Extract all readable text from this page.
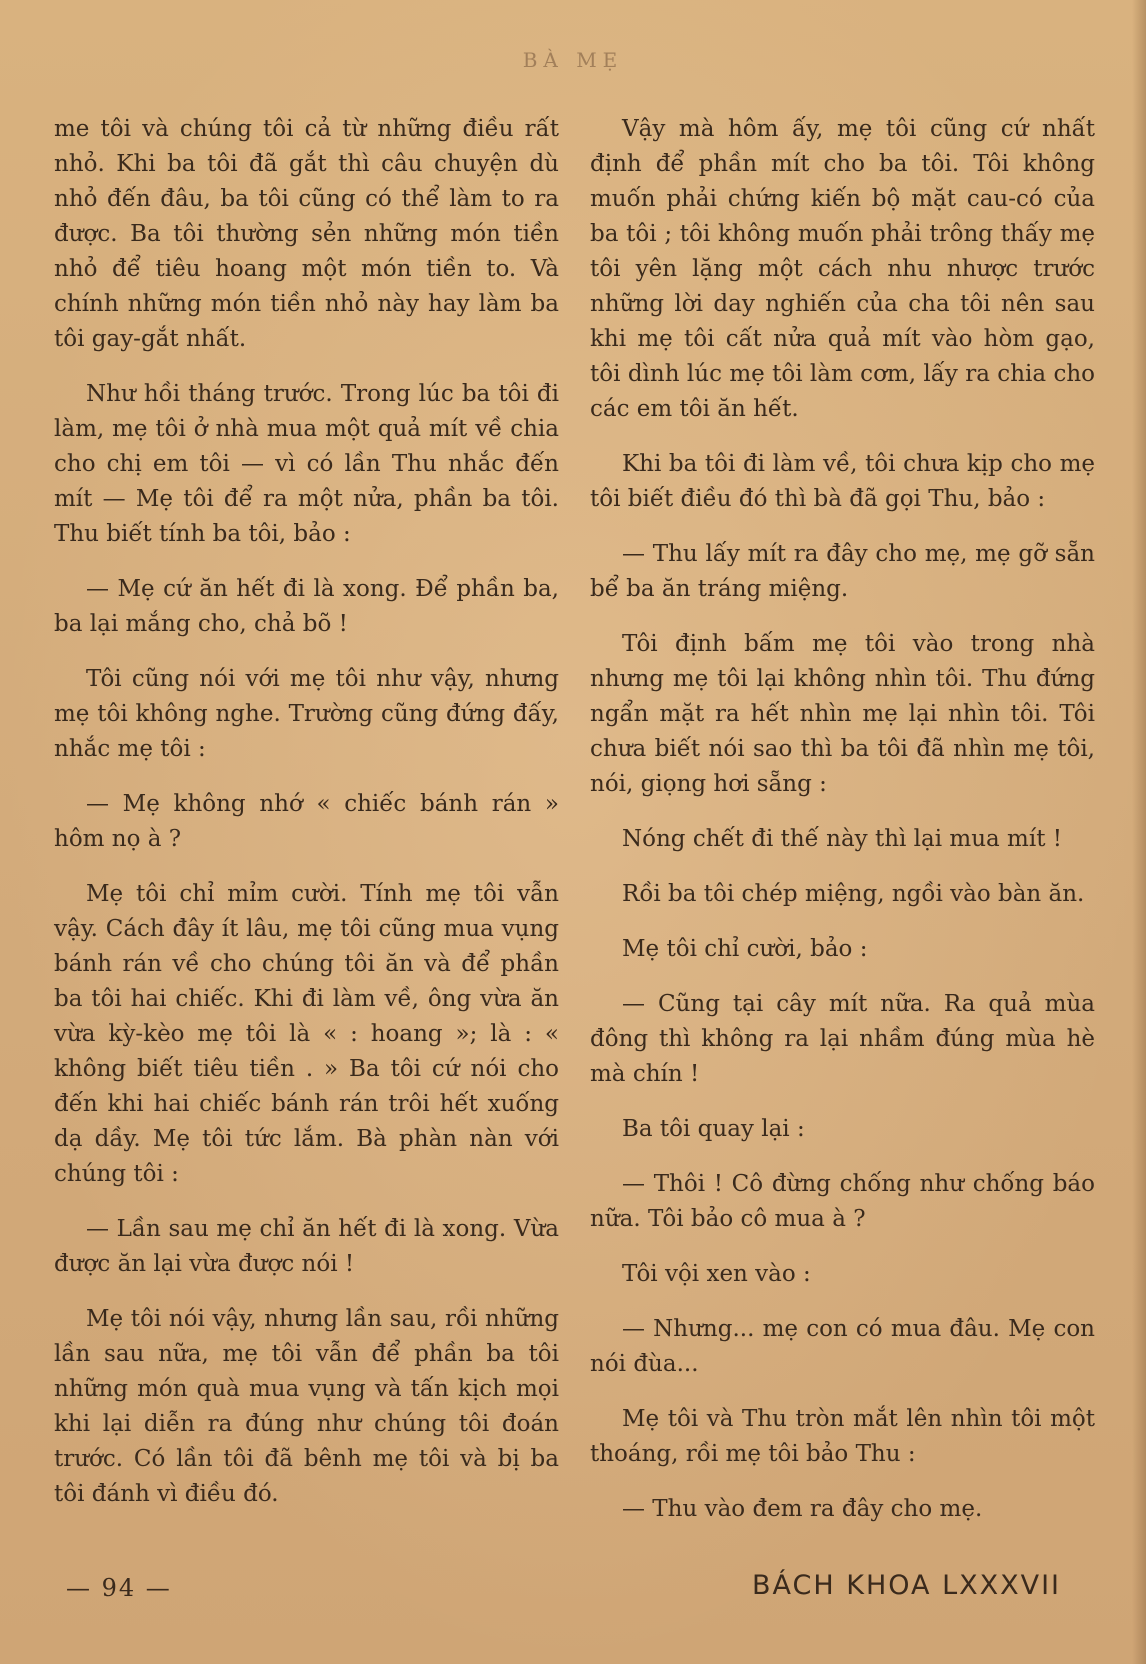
BÀ MẸ

me tôi và chúng tôi cả từ những điều rất nhỏ. Khi ba tôi đã gắt thì câu chuyện dù nhỏ đến đâu, ba tôi cũng có thể làm to ra được. Ba tôi thường sẻn những món tiền nhỏ để tiêu hoang một món tiền to. Và chính những món tiền nhỏ này hay làm ba tôi gay-gắt nhất.

Như hồi tháng trước. Trong lúc ba tôi đi làm, mẹ tôi ở nhà mua một quả mít về chia cho chị em tôi — vì có lần Thu nhắc đến mít — Mẹ tôi để ra một nửa, phần ba tôi. Thu biết tính ba tôi, bảo :

— Mẹ cứ ăn hết đi là xong. Để phần ba, ba lại mắng cho, chả bõ !

Tôi cũng nói với mẹ tôi như vậy, nhưng mẹ tôi không nghe. Trường cũng đứng đấy, nhắc mẹ tôi :

— Mẹ không nhớ « chiếc bánh rán » hôm nọ à ?

Mẹ tôi chỉ mỉm cười. Tính mẹ tôi vẫn vậy. Cách đây ít lâu, mẹ tôi cũng mua vụng bánh rán về cho chúng tôi ăn và để phần ba tôi hai chiếc. Khi đi làm về, ông vừa ăn vừa kỳ-kèo mẹ tôi là « : hoang »; là : « không biết tiêu tiền . » Ba tôi cứ nói cho đến khi hai chiếc bánh rán trôi hết xuống dạ dầy. Mẹ tôi tức lắm. Bà phàn nàn với chúng tôi :

— Lần sau mẹ chỉ ăn hết đi là xong. Vừa được ăn lại vừa được nói !

Mẹ tôi nói vậy, nhưng lần sau, rồi những lần sau nữa, mẹ tôi vẫn để phần ba tôi những món quà mua vụng và tấn kịch mọi khi lại diễn ra đúng như chúng tôi đoán trước. Có lần tôi đã bênh mẹ tôi và bị ba tôi đánh vì điều đó.

Vậy mà hôm ấy, mẹ tôi cũng cứ nhất định để phần mít cho ba tôi. Tôi không muốn phải chứng kiến bộ mặt cau-có của ba tôi ; tôi không muốn phải trông thấy mẹ tôi yên lặng một cách nhu nhược trước những lời day nghiến của cha tôi nên sau khi mẹ tôi cất nửa quả mít vào hòm gạo, tôi dình lúc mẹ tôi làm cơm, lấy ra chia cho các em tôi ăn hết.

Khi ba tôi đi làm về, tôi chưa kịp cho mẹ tôi biết điều đó thì bà đã gọi Thu, bảo :

— Thu lấy mít ra đây cho mẹ, mẹ gỡ sẵn bể ba ăn tráng miệng.

Tôi định bấm mẹ tôi vào trong nhà nhưng mẹ tôi lại không nhìn tôi. Thu đứng ngẩn mặt ra hết nhìn mẹ lại nhìn tôi. Tôi chưa biết nói sao thì ba tôi đã nhìn mẹ tôi, nói, giọng hơi sẵng :

Nóng chết đi thế này thì lại mua mít !

Rồi ba tôi chép miệng, ngồi vào bàn ăn.

Mẹ tôi chỉ cười, bảo :

— Cũng tại cây mít nữa. Ra quả mùa đông thì không ra lại nhầm đúng mùa hè mà chín !

Ba tôi quay lại :

— Thôi ! Cô đừng chống như chống báo nữa. Tôi bảo cô mua à ?

Tôi vội xen vào :

— Nhưng... mẹ con có mua đâu. Mẹ con nói đùa...

Mẹ tôi và Thu tròn mắt lên nhìn tôi một thoáng, rồi mẹ tôi bảo Thu :

— Thu vào đem ra đây cho mẹ.

— 94 —	BÁCH KHOA LXXXVII
